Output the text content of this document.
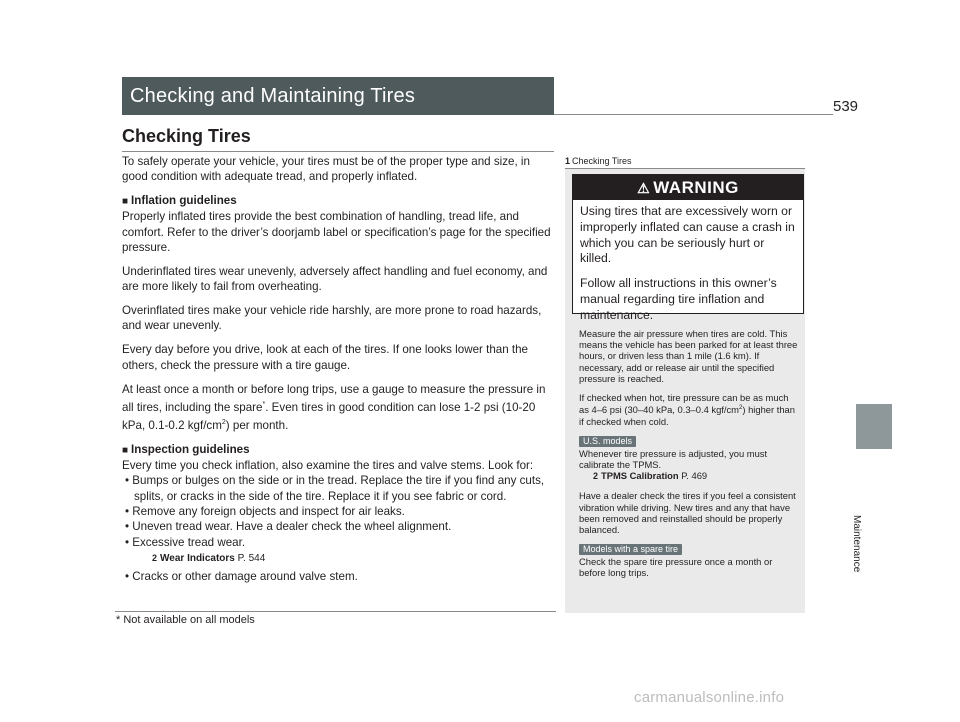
Checking and Maintaining Tires	539
Checking Tires

To safely operate your vehicle, your tires must be of the proper type and size, in good condition with adequate tread, and properly inflated.

■ Inflation guidelines

Properly inflated tires provide the best combination of handling, tread life, and comfort. Refer to the driver’s doorjamb label or specification’s page for the specified pressure.

Underinflated tires wear unevenly, adversely affect handling and fuel economy, and are more likely to fail from overheating.

Overinflated tires make your vehicle ride harshly, are more prone to road hazards, and wear unevenly.

Every day before you drive, look at each of the tires. If one looks lower than the others, check the pressure with a tire gauge.

At least once a month or before long trips, use a gauge to measure the pressure in all tires, including the spare*. Even tires in good condition can lose 1-2 psi (10-20 kPa, 0.1-0.2 kgf/$cm^2$) per month.

■ Inspection guidelines

Every time you check inflation, also examine the tires and valve stems. Look for:

• Bumps or bulges on the side or in the tread. Replace the tire if you find any cuts, splits, or cracks in the side of the tire. Replace it if you see fabric or cord.

• Remove any foreign objects and inspect for air leaks.

• Uneven tread wear. Have a dealer check the wheel alignment.

• Excessive tread wear.

2 Wear Indicators P. 544

• Cracks or other damage around valve stem.

1 Checking Tires
⚠ WARNING

Using tires that are excessively worn or improperly inflated can cause a crash in which you can be seriously hurt or killed.

Follow all instructions in this owner’s manual regarding tire inflation and maintenance.

Measure the air pressure when tires are cold. This means the vehicle has been parked for at least three hours, or driven less than 1 mile (1.6 km). If necessary, add or release air until the specified pressure is reached.

If checked when hot, tire pressure can be as much as 4–6 psi (30–40 kPa, 0.3–0.4 kgf/$cm^2$) higher than if checked when cold.

U.S. models

Whenever tire pressure is adjusted, you must calibrate the TPMS.

2 TPMS Calibration P. 469

Have a dealer check the tires if you feel a consistent vibration while driving. New tires and any that have been removed and reinstalled should be properly balanced.

Models with a spare tire

Check the spare tire pressure once a month or before long trips.

Maintenance
* Not available on all models
carmanualsonline.info
